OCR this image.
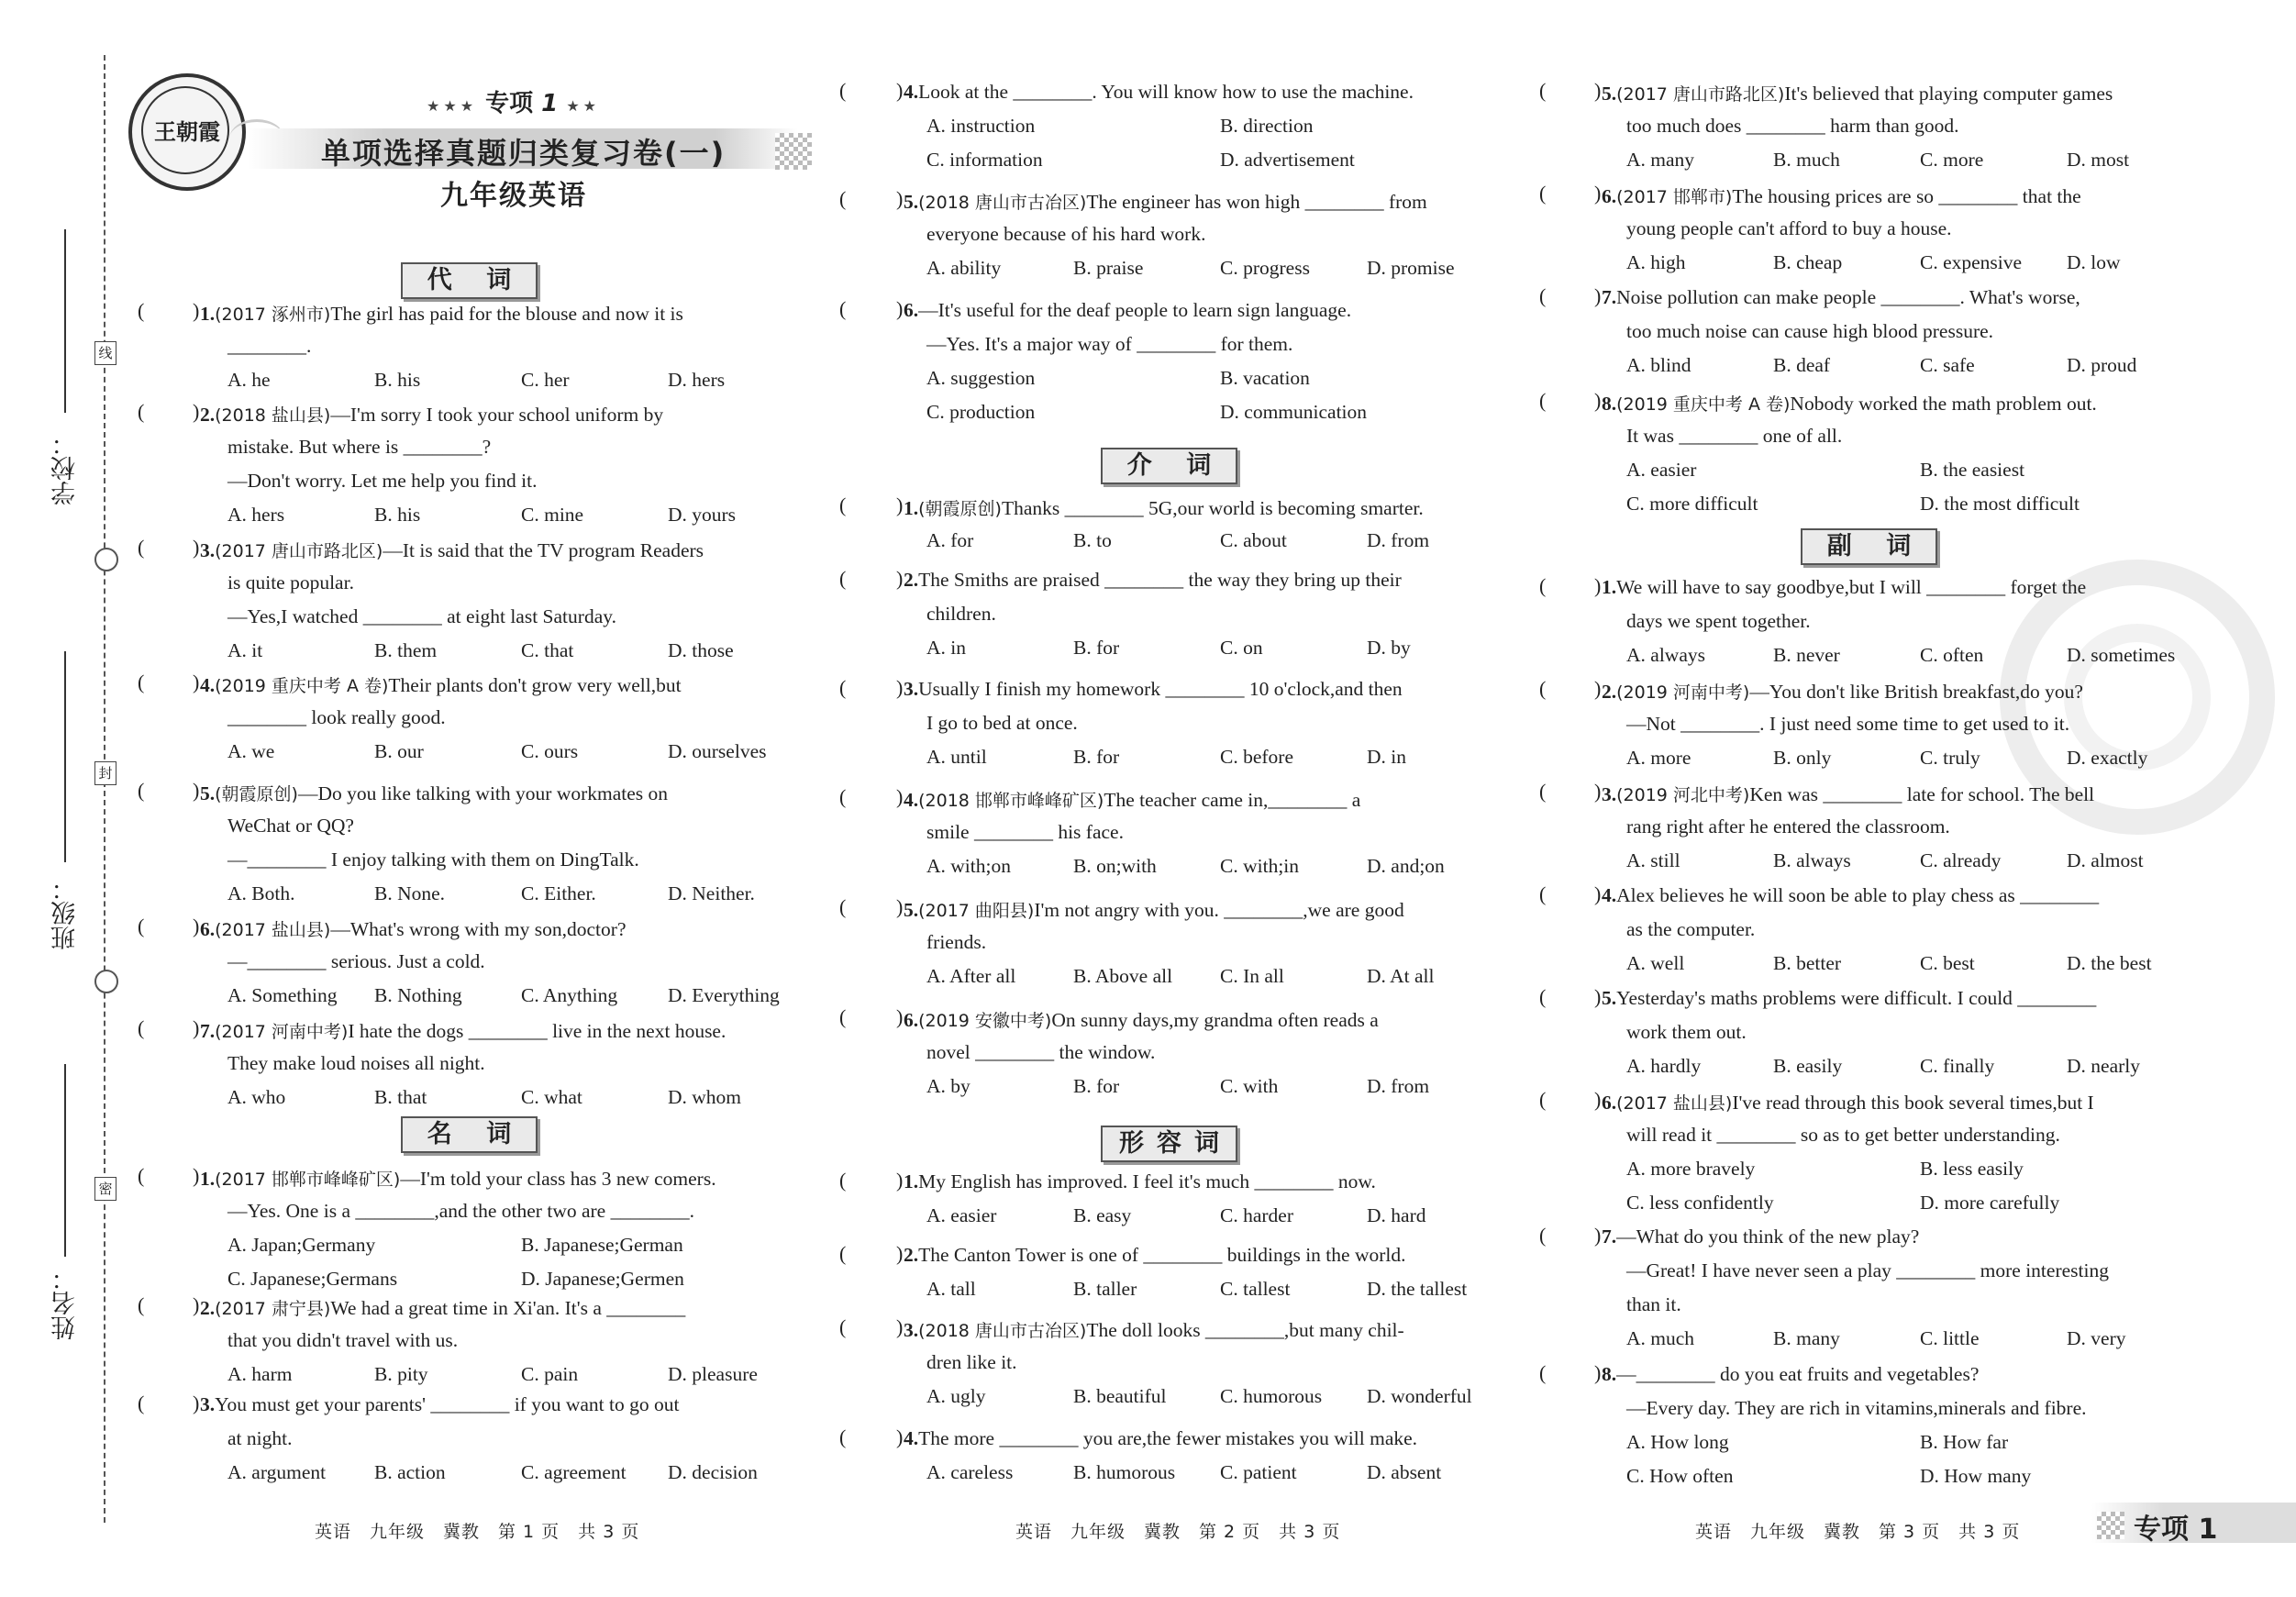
学校：
班级：
姓名：
线
封
密
王朝霞
★★★ 专项 1 ★★
单项选择真题归类复习卷(一)
九年级英语
代 词
( ) 1.(2017 涿州市)The girl has paid for the blouse and now it is
________.
A. he	B. his	C. her	D. hers
( ) 2.(2018 盐山县)—I'm sorry I took your school uniform by
mistake. But where is ________?
—Don't worry. Let me help you find it.
A. hers	B. his	C. mine	D. yours
( ) 3.(2017 唐山市路北区)—It is said that the TV program Readers
is quite popular.
—Yes,I watched ________ at eight last Saturday.
A. it	B. them	C. that	D. those
( ) 4.(2019 重庆中考 A 卷)Their plants don't grow very well,but
________ look really good.
A. we	B. our	C. ours	D. ourselves
( ) 5.(朝霞原创)—Do you like talking with your workmates on
WeChat or QQ?
—________ I enjoy talking with them on DingTalk.
A. Both.	B. None.	C. Either.	D. Neither.
( ) 6.(2017 盐山县)—What's wrong with my son,doctor?
—________ serious. Just a cold.
A. Something B. Nothing	C. Anything	D. Everything
( ) 7.(2017 河南中考)I hate the dogs ________ live in the next house.
They make loud noises all night.
A. who	B. that	C. what	D. whom
名 词
( ) 1.(2017 邯郸市峰峰矿区)—I'm told your class has 3 new comers.
—Yes. One is a ________,and the other two are ________.
A. Japan;Germany	B. Japanese;German
C. Japanese;Germans	D. Japanese;Germen
( ) 2.(2017 肃宁县)We had a great time in Xi'an. It's a ________
that you didn't travel with us.
A. harm	B. pity	C. pain	D. pleasure
( ) 3.You must get your parents' ________ if you want to go out
at night.
A. argument B. action	C. agreement D. decision
( ) 4.Look at the ________. You will know how to use the machine.
A. instruction	B. direction
C. information	D. advertisement
( ) 5.(2018 唐山市古冶区)The engineer has won high ________ from
everyone because of his hard work.
A. ability	B. praise	C. progress	D. promise
( ) 6.—It's useful for the deaf people to learn sign language.
—Yes. It's a major way of ________ for them.
A. suggestion	B. vacation
C. production	D. communication
介 词
( ) 1.(朝霞原创)Thanks ________ 5G,our world is becoming smarter.
A. for	B. to	C. about	D. from
( ) 2.The Smiths are praised ________ the way they bring up their
children.
A. in	B. for	C. on	D. by
( ) 3.Usually I finish my homework ________ 10 o'clock,and then
I go to bed at once.
A. until	B. for	C. before	D. in
( ) 4.(2018 邯郸市峰峰矿区)The teacher came in,________ a
smile ________ his face.
A. with;on	B. on;with	C. with;in	D. and;on
( ) 5.(2017 曲阳县)I'm not angry with you. ________,we are good
friends.
A. After all	B. Above all C. In all	D. At all
( ) 6.(2019 安徽中考)On sunny days,my grandma often reads a
novel ________ the window.
A. by	B. for	C. with	D. from
形容词
( ) 1.My English has improved. I feel it's much ________ now.
A. easier	B. easy	C. harder	D. hard
( ) 2.The Canton Tower is one of ________ buildings in the world.
A. tall	B. taller	C. tallest	D. the tallest
( ) 3.(2018 唐山市古冶区)The doll looks ________,but many chil-
dren like it.
A. ugly	B. beautiful	C. humorous D. wonderful
( ) 4.The more ________ you are,the fewer mistakes you will make.
A. careless	B. humorous C. patient	D. absent
( ) 5.(2017 唐山市路北区)It's believed that playing computer games
too much does ________ harm than good.
A. many	B. much	C. more	D. most
( ) 6.(2017 邯郸市)The housing prices are so ________ that the
young people can't afford to buy a house.
A. high	B. cheap	C. expensive D. low
( ) 7.Noise pollution can make people ________. What's worse,
too much noise can cause high blood pressure.
A. blind	B. deaf	C. safe	D. proud
( ) 8.(2019 重庆中考 A 卷)Nobody worked the math problem out.
It was ________ one of all.
A. easier	B. the easiest
C. more difficult	D. the most difficult
副 词
( ) 1.We will have to say goodbye,but I will ________ forget the
days we spent together.
A. always	B. never	C. often	D. sometimes
( ) 2.(2019 河南中考)—You don't like British breakfast,do you?
—Not ________. I just need some time to get used to it.
A. more	B. only	C. truly	D. exactly
( ) 3.(2019 河北中考)Ken was ________ late for school. The bell
rang right after he entered the classroom.
A. still	B. always	C. already	D. almost
( ) 4.Alex believes he will soon be able to play chess as ________
as the computer.
A. well	B. better	C. best	D. the best
( ) 5.Yesterday's maths problems were difficult. I could ________
work them out.
A. hardly	B. easily	C. finally	D. nearly
( ) 6.(2017 盐山县)I've read through this book several times,but I
will read it ________ so as to get better understanding.
A. more bravely	B. less easily
C. less confidently	D. more carefully
( ) 7.—What do you think of the new play?
—Great! I have never seen a play ________ more interesting
than it.
A. much	B. many	C. little	D. very
( ) 8.—________ do you eat fruits and vegetables?
—Every day. They are rich in vitamins,minerals and fibre.
A. How long	B. How far
C. How often	D. How many
英语　九年级　冀教　第 1 页　共 3 页	英语　九年级　冀教　第 2 页　共 3 页	英语　九年级　冀教　第 3 页　共 3 页	专项 1
